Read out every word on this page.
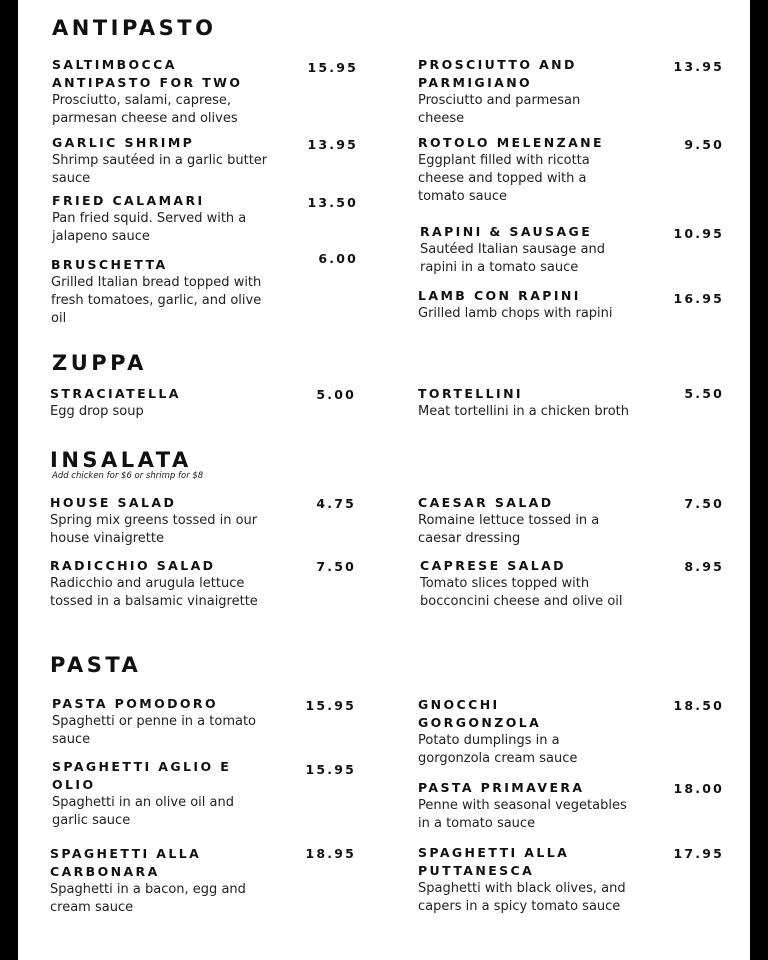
ANTIPASTO
SALTIMBOCCA ANTIPASTO FOR TWO
Prosciutto, salami, caprese, parmesan cheese and olives
15.95
GARLIC SHRIMP
Shrimp sautéed in a garlic butter sauce
13.95
FRIED CALAMARI
Pan fried squid. Served with a jalapeno sauce
13.50
BRUSCHETTA
Grilled Italian bread topped with fresh tomatoes, garlic, and olive oil
6.00
PROSCIUTTO AND PARMIGIANO
Prosciutto and parmesan cheese
13.95
ROTOLO MELENZANE
Eggplant filled with ricotta cheese and topped with a tomato sauce
9.50
RAPINI & SAUSAGE
Sautéed Italian sausage and rapini in a tomato sauce
10.95
LAMB CON RAPINI
Grilled lamb chops with rapini
16.95
ZUPPA
STRACIATELLA
Egg drop soup
5.00	TORTELLINI
Meat tortellini in a chicken broth
5.50
INSALATA
Add chicken for $6 or shrimp for $8
HOUSE SALAD
Spring mix greens tossed in our house vinaigrette
4.75
RADICCHIO SALAD
Radicchio and arugula lettuce tossed in a balsamic vinaigrette
7.50
CAESAR SALAD
Romaine lettuce tossed in a caesar dressing
7.50
CAPRESE SALAD
Tomato slices topped with bocconcini cheese and olive oil
8.95
PASTA
PASTA POMODORO
Spaghetti or penne in a tomato sauce
15.95
SPAGHETTI AGLIO E OLIO
Spaghetti in an olive oil and garlic sauce
15.95
SPAGHETTI ALLA CARBONARA
Spaghetti in a bacon, egg and cream sauce
18.95
GNOCCHI GORGONZOLA
Potato dumplings in a gorgonzola cream sauce
18.50
PASTA PRIMAVERA
Penne with seasonal vegetables in a tomato sauce
18.00
SPAGHETTI ALLA PUTTANESCA
Spaghetti with black olives, and capers in a spicy tomato sauce
17.95
